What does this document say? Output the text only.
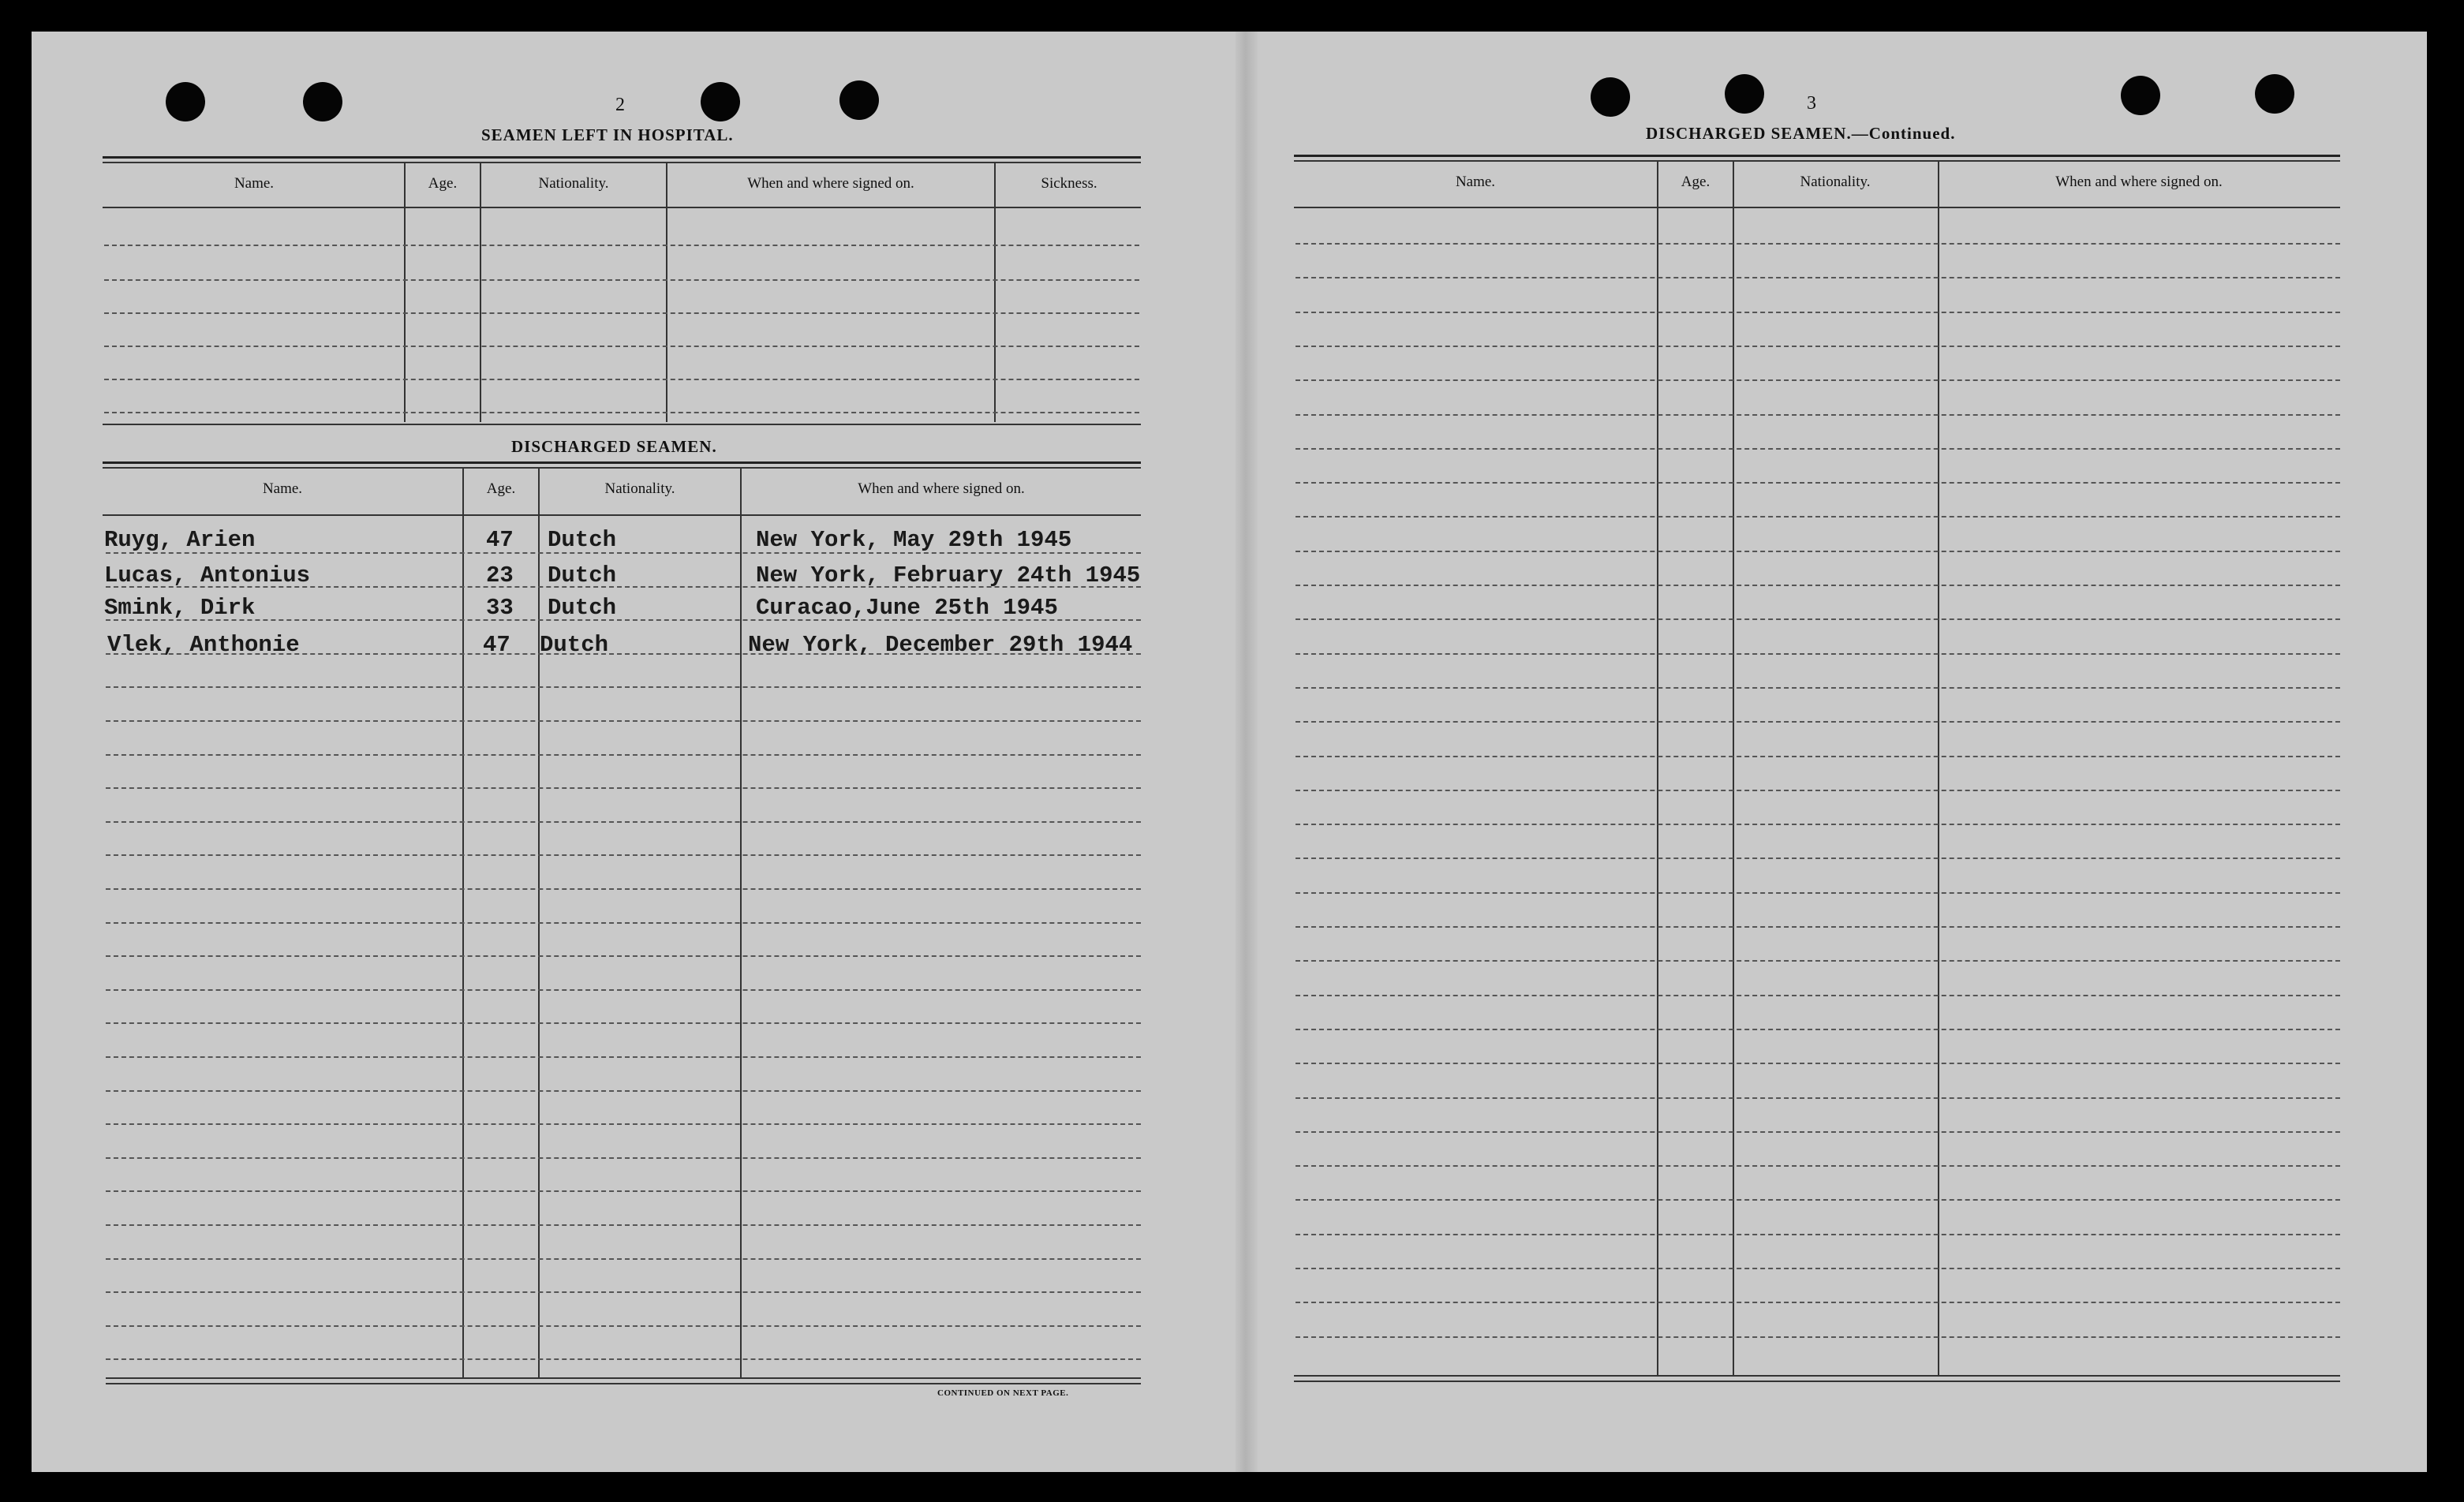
2
SEAMEN LEFT IN HOSPITAL.
Name.	Age.	Nationality.	When and where signed on.	Sickness.
DISCHARGED SEAMEN.
Name.	Age.	Nationality.	When and where signed on.
Ruyg, Arien	47 Dutch	New York, May 29th 1945
Lucas, Antonius	23 Dutch	New York, February 24th 1945
Smink, Dirk	33 Dutch	Curacao,June 25th 1945
Vlek, Anthonie	47 Dutch	New York, December 29th 1944
CONTINUED ON NEXT PAGE.
3
DISCHARGED SEAMEN.—Continued.
Name.	Age.	Nationality.	When and where signed on.
